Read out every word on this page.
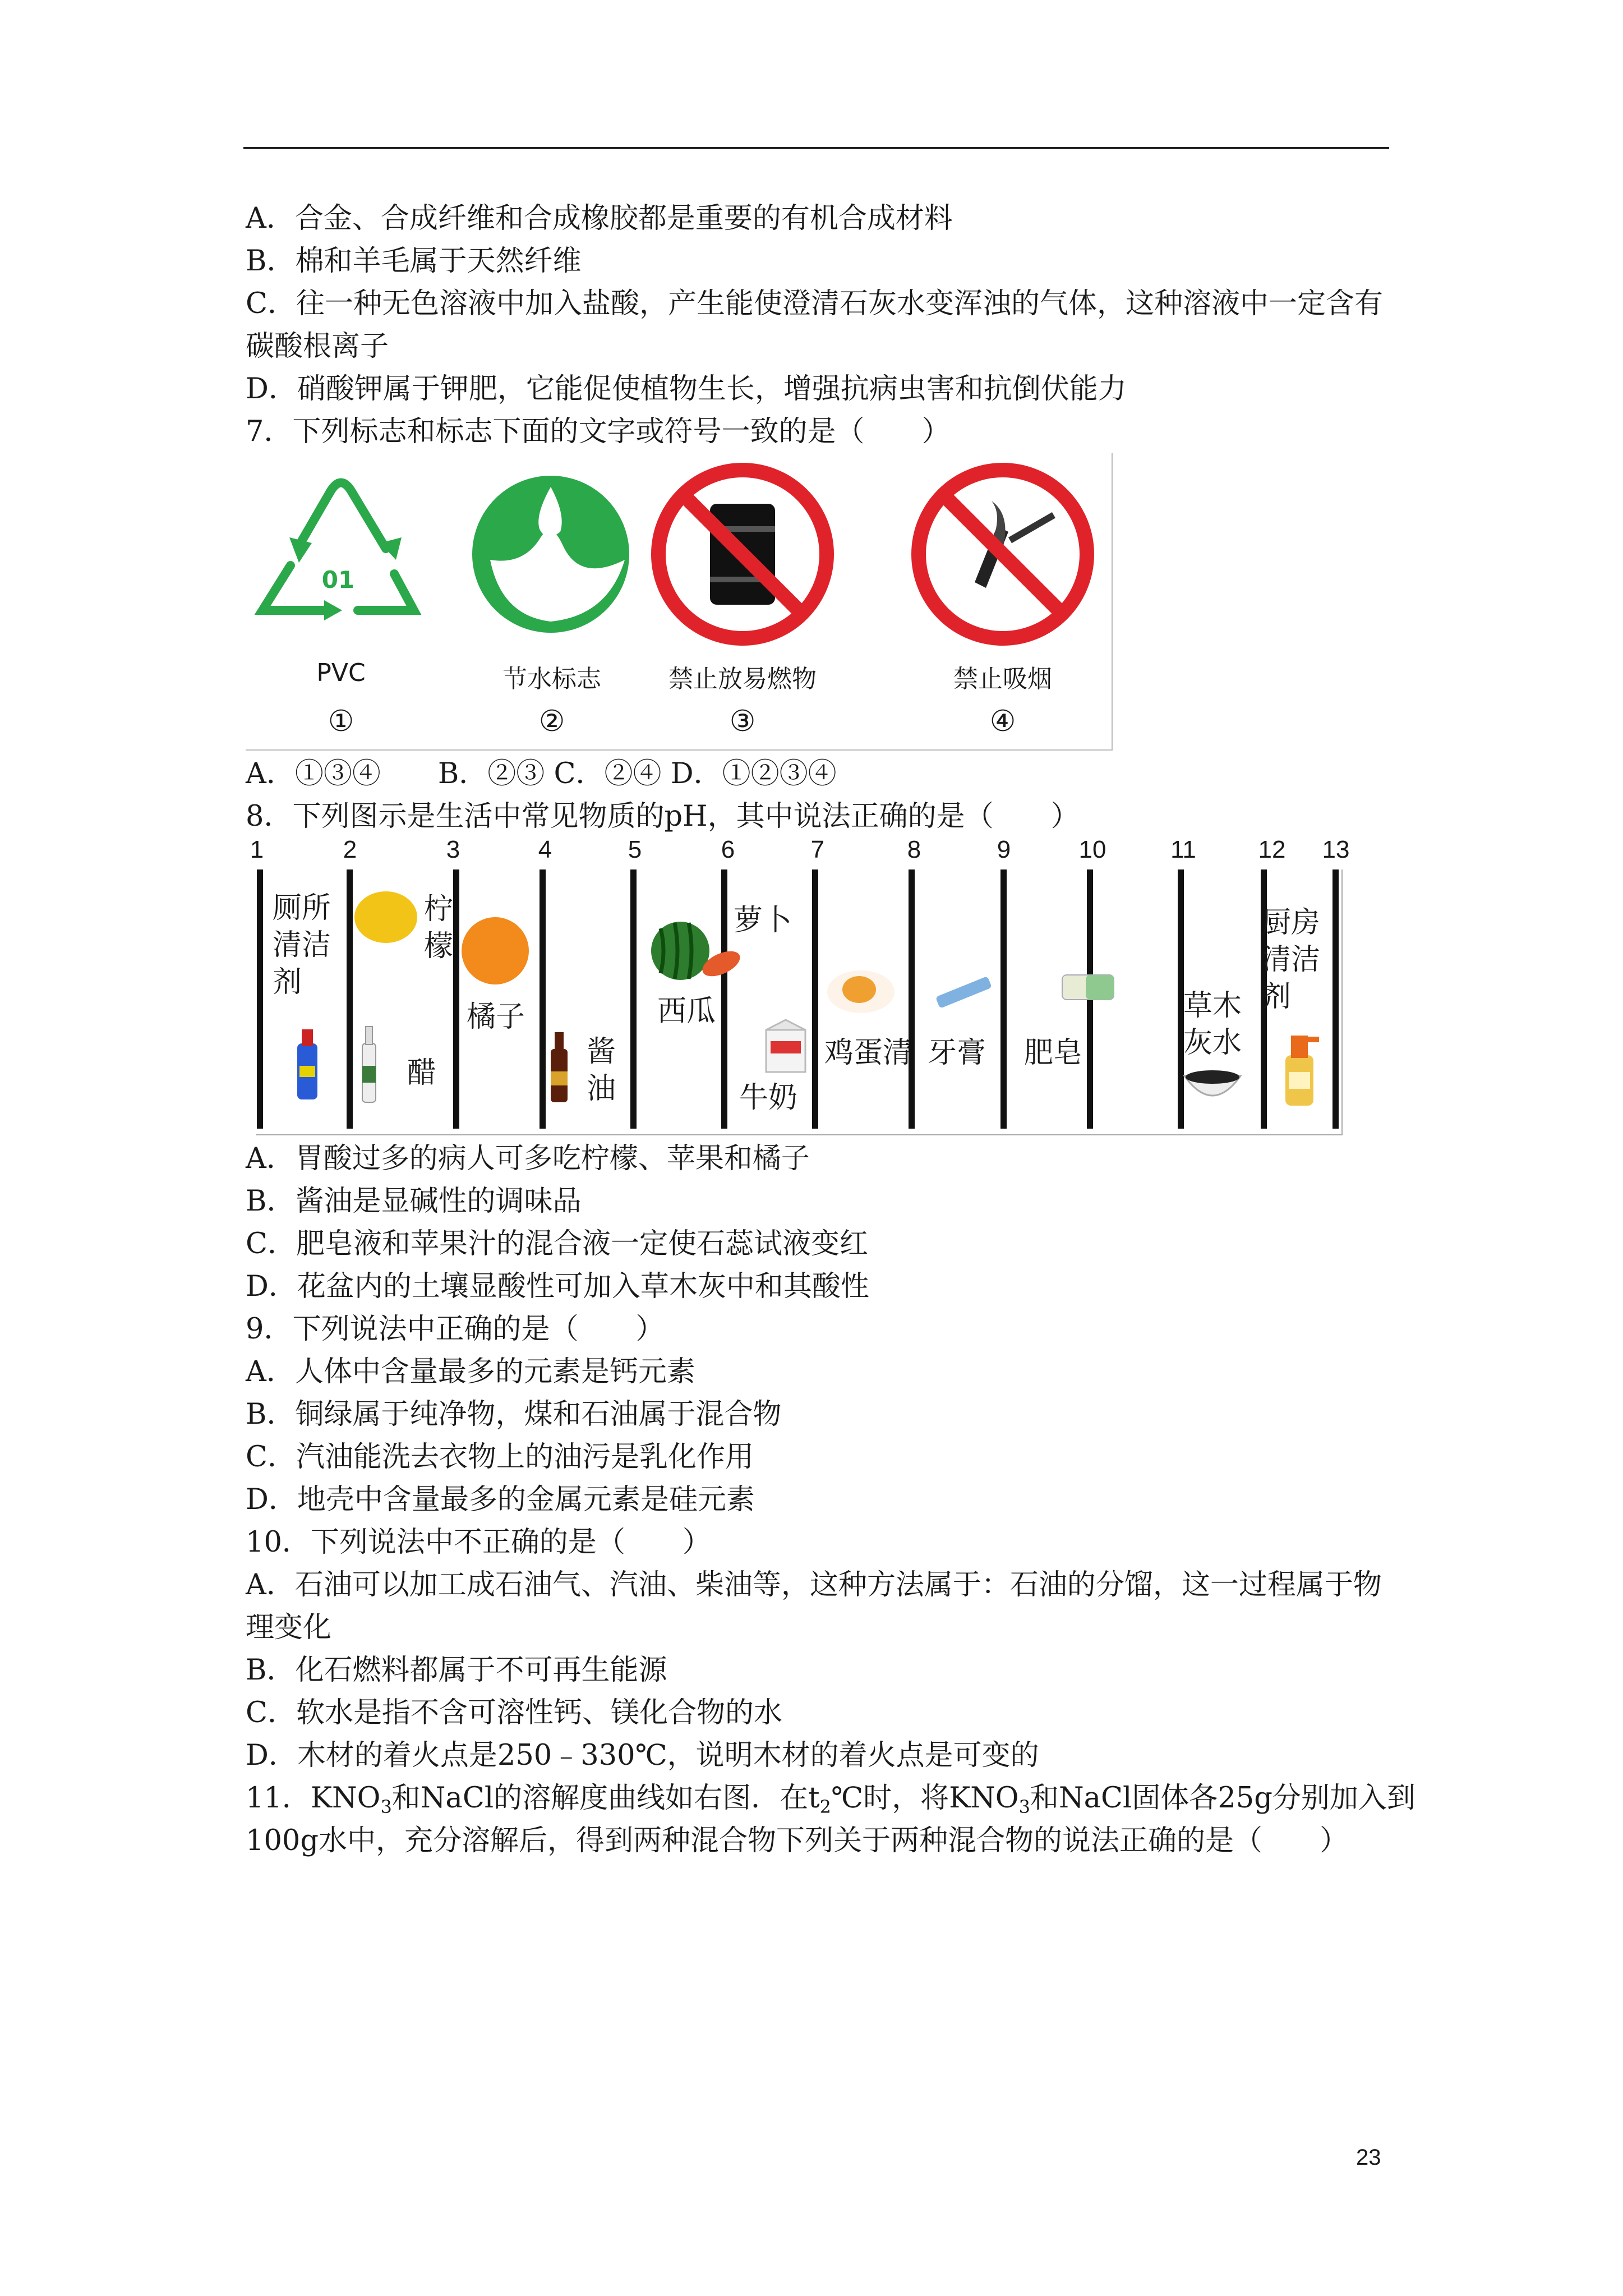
A．合金、合成纤维和合成橡胶都是重要的有机合成材料
B．棉和羊毛属于天然纤维
C．往一种无色溶液中加入盐酸，产生能使澄清石灰水变浑浊的气体，这种溶液中一定含有
碳酸根离子
D．硝酸钾属于钾肥，它能促使植物生长，增强抗病虫害和抗倒伏能力
7．下列标志和标志下面的文字或符号一致的是（　　）
01
PVC
①
节水标志
②
禁止放易燃物
③
禁止吸烟
④
A．①③④　　B．②③ C．②④ D．①②③④
8．下列图示是生活中常见物质的pH，其中说法正确的是（　　）
1	2	3	4	5	6	7	8	9	10	11	12 13
厕所清洁剂
柠檬
醋
橘子
酱油
西瓜
萝卜
牛奶
鸡蛋清 牙膏 肥皂
草木灰水
厨房清洁剂
A．胃酸过多的病人可多吃柠檬、苹果和橘子
B．酱油是显碱性的调味品
C．肥皂液和苹果汁的混合液一定使石蕊试液变红
D．花盆内的土壤显酸性可加入草木灰中和其酸性
9．下列说法中正确的是（　　）
A．人体中含量最多的元素是钙元素
B．铜绿属于纯净物，煤和石油属于混合物
C．汽油能洗去衣物上的油污是乳化作用
D．地壳中含量最多的金属元素是硅元素
10．下列说法中不正确的是（　　）
A．石油可以加工成石油气、汽油、柴油等，这种方法属于：石油的分馏，这一过程属于物
理变化
B．化石燃料都属于不可再生能源
C．软水是指不含可溶性钙、镁化合物的水
D．木材的着火点是250﹣330℃，说明木材的着火点是可变的
11．$KNO_3$和NaCl的溶解度曲线如右图．在$t_2℃$时，将$KNO_3$和NaCl固体各25g分别加入到
100g水中，充分溶解后，得到两种混合物下列关于两种混合物的说法正确的是（　　）
23
